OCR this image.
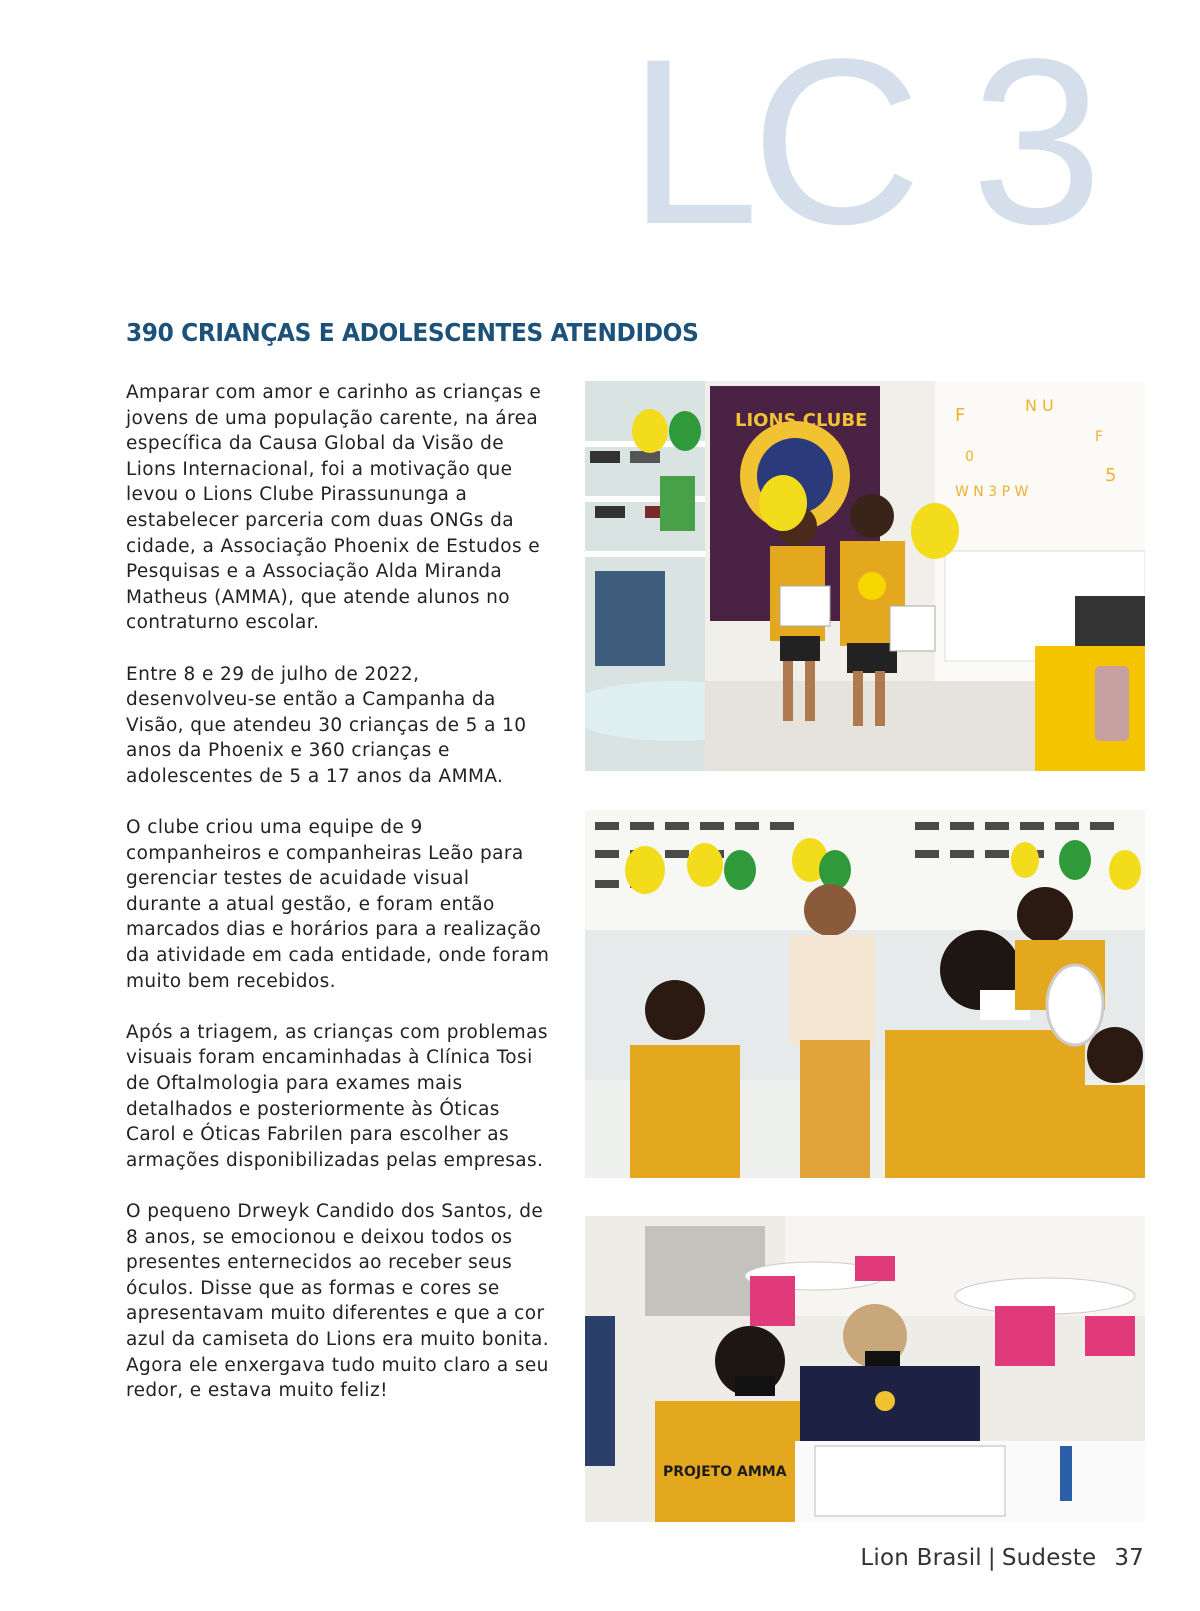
LC 3
390 CRIANÇAS E ADOLESCENTES ATENDIDOS

Amparar com amor e carinho as crianças e jovens de uma população carente, na área específica da Causa Global da Visão de Lions Internacional, foi a motivação que levou o Lions Clube Pirassununga a estabelecer parceria com duas ONGs da cidade, a Associação Phoenix de Estudos e Pesquisas e a Associação Alda Miranda Matheus (AMMA), que atende alunos no contraturno escolar.

Entre 8 e 29 de julho de 2022, desenvolveu-se então a Campanha da Visão, que atendeu 30 crianças de 5 a 10 anos da Phoenix e 360 crianças e adolescentes de 5 a 17 anos da AMMA.

O clube criou uma equipe de 9 companheiros e companheiras Leão para gerenciar testes de acuidade visual durante a atual gestão, e foram então marcados dias e horários para a realização da atividade em cada entidade, onde foram muito bem recebidos.

Após a triagem, as crianças com problemas visuais foram encaminhadas à Clínica Tosi de Oftalmologia para exames mais detalhados e posteriormente às Óticas Carol e Óticas Fabrilen para escolher as armações disponibilizadas pelas empresas.

O pequeno Drweyk Candido dos Santos, de 8 anos, se emocionou e deixou todos os presentes enternecidos ao receber seus óculos. Disse que as formas e cores se apresentavam muito diferentes e que a cor azul da camiseta do Lions era muito bonita. Agora ele enxergava tudo muito claro a seu redor, e estava muito feliz!

F	N U
F
0
5
W N 3 P W
LIONS CLUBE
PROJETO AMMA
Lion Brasil | Sudeste 37
